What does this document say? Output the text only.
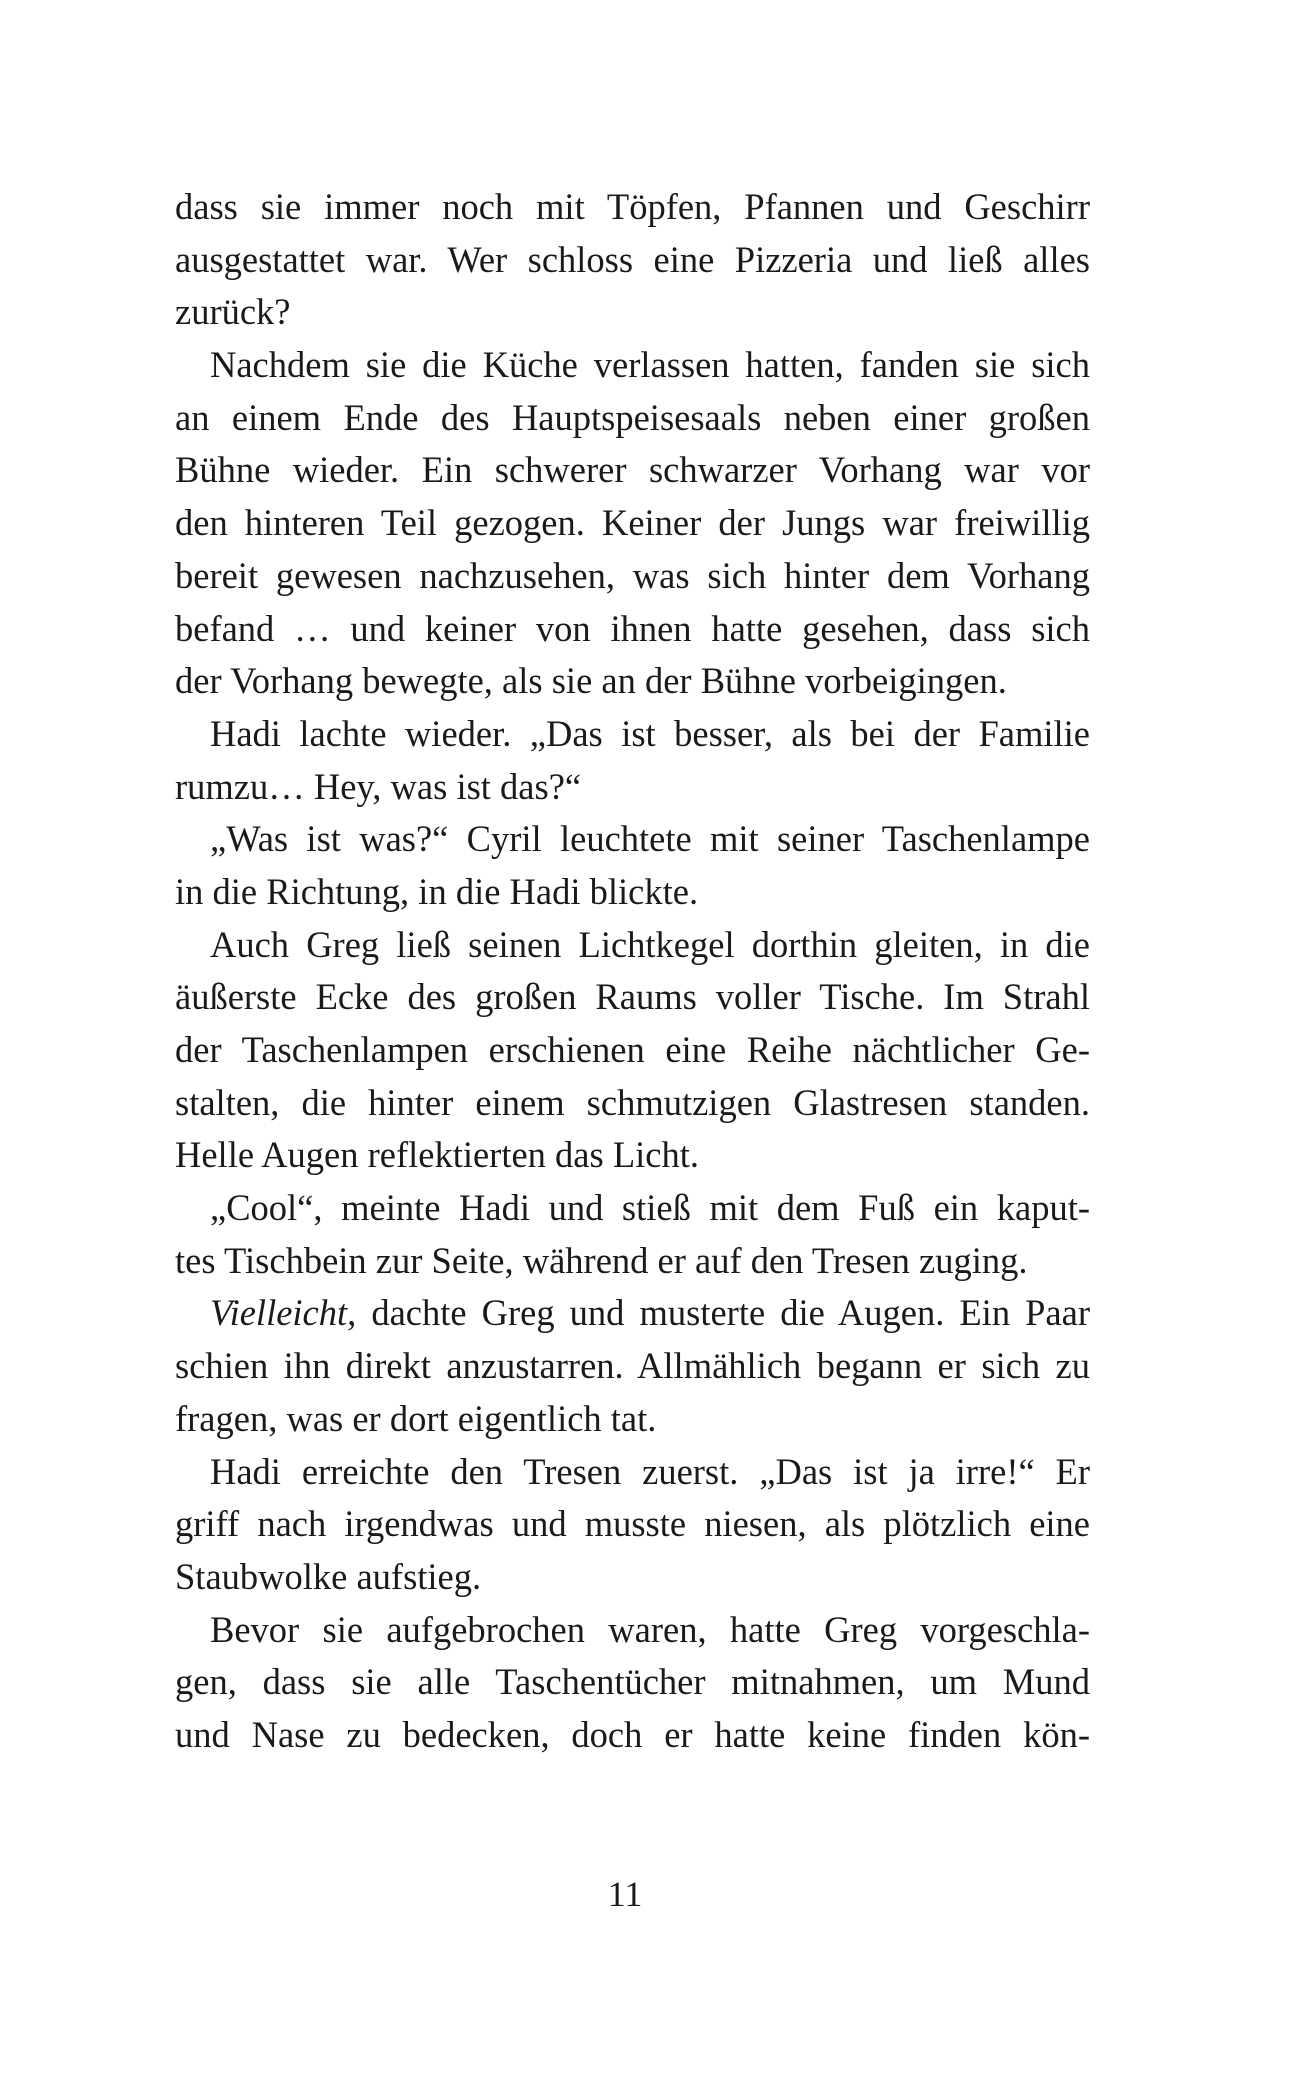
dass sie immer noch mit Töpfen, Pfannen und Geschirr
ausgestattet war. Wer schloss eine Pizzeria und ließ alles
zurück?
Nachdem sie die Küche verlassen hatten, fanden sie sich
an einem Ende des Hauptspeisesaals neben einer großen
Bühne wieder. Ein schwerer schwarzer Vorhang war vor
den hinteren Teil gezogen. Keiner der Jungs war freiwillig
bereit gewesen nachzusehen, was sich hinter dem Vorhang
befand … und keiner von ihnen hatte gesehen, dass sich
der Vorhang bewegte, als sie an der Bühne vorbeigingen.
Hadi lachte wieder. „Das ist besser, als bei der Familie
rumzu… Hey, was ist das?“
„Was ist was?“ Cyril leuchtete mit seiner Taschenlampe
in die Richtung, in die Hadi blickte.
Auch Greg ließ seinen Lichtkegel dorthin gleiten, in die
äußerste Ecke des großen Raums voller Tische. Im Strahl
der Taschenlampen erschienen eine Reihe nächtlicher Ge-
stalten, die hinter einem schmutzigen Glastresen standen.
Helle Augen reflektierten das Licht.
„Cool“, meinte Hadi und stieß mit dem Fuß ein kaput-
tes Tischbein zur Seite, während er auf den Tresen zuging.
Vielleicht, dachte Greg und musterte die Augen. Ein Paar
schien ihn direkt anzustarren. Allmählich begann er sich zu
fragen, was er dort eigentlich tat.
Hadi erreichte den Tresen zuerst. „Das ist ja irre!“ Er
griff nach irgendwas und musste niesen, als plötzlich eine
Staubwolke aufstieg.
Bevor sie aufgebrochen waren, hatte Greg vorgeschla-
gen, dass sie alle Taschentücher mitnahmen, um Mund
und Nase zu bedecken, doch er hatte keine finden kön-
11
